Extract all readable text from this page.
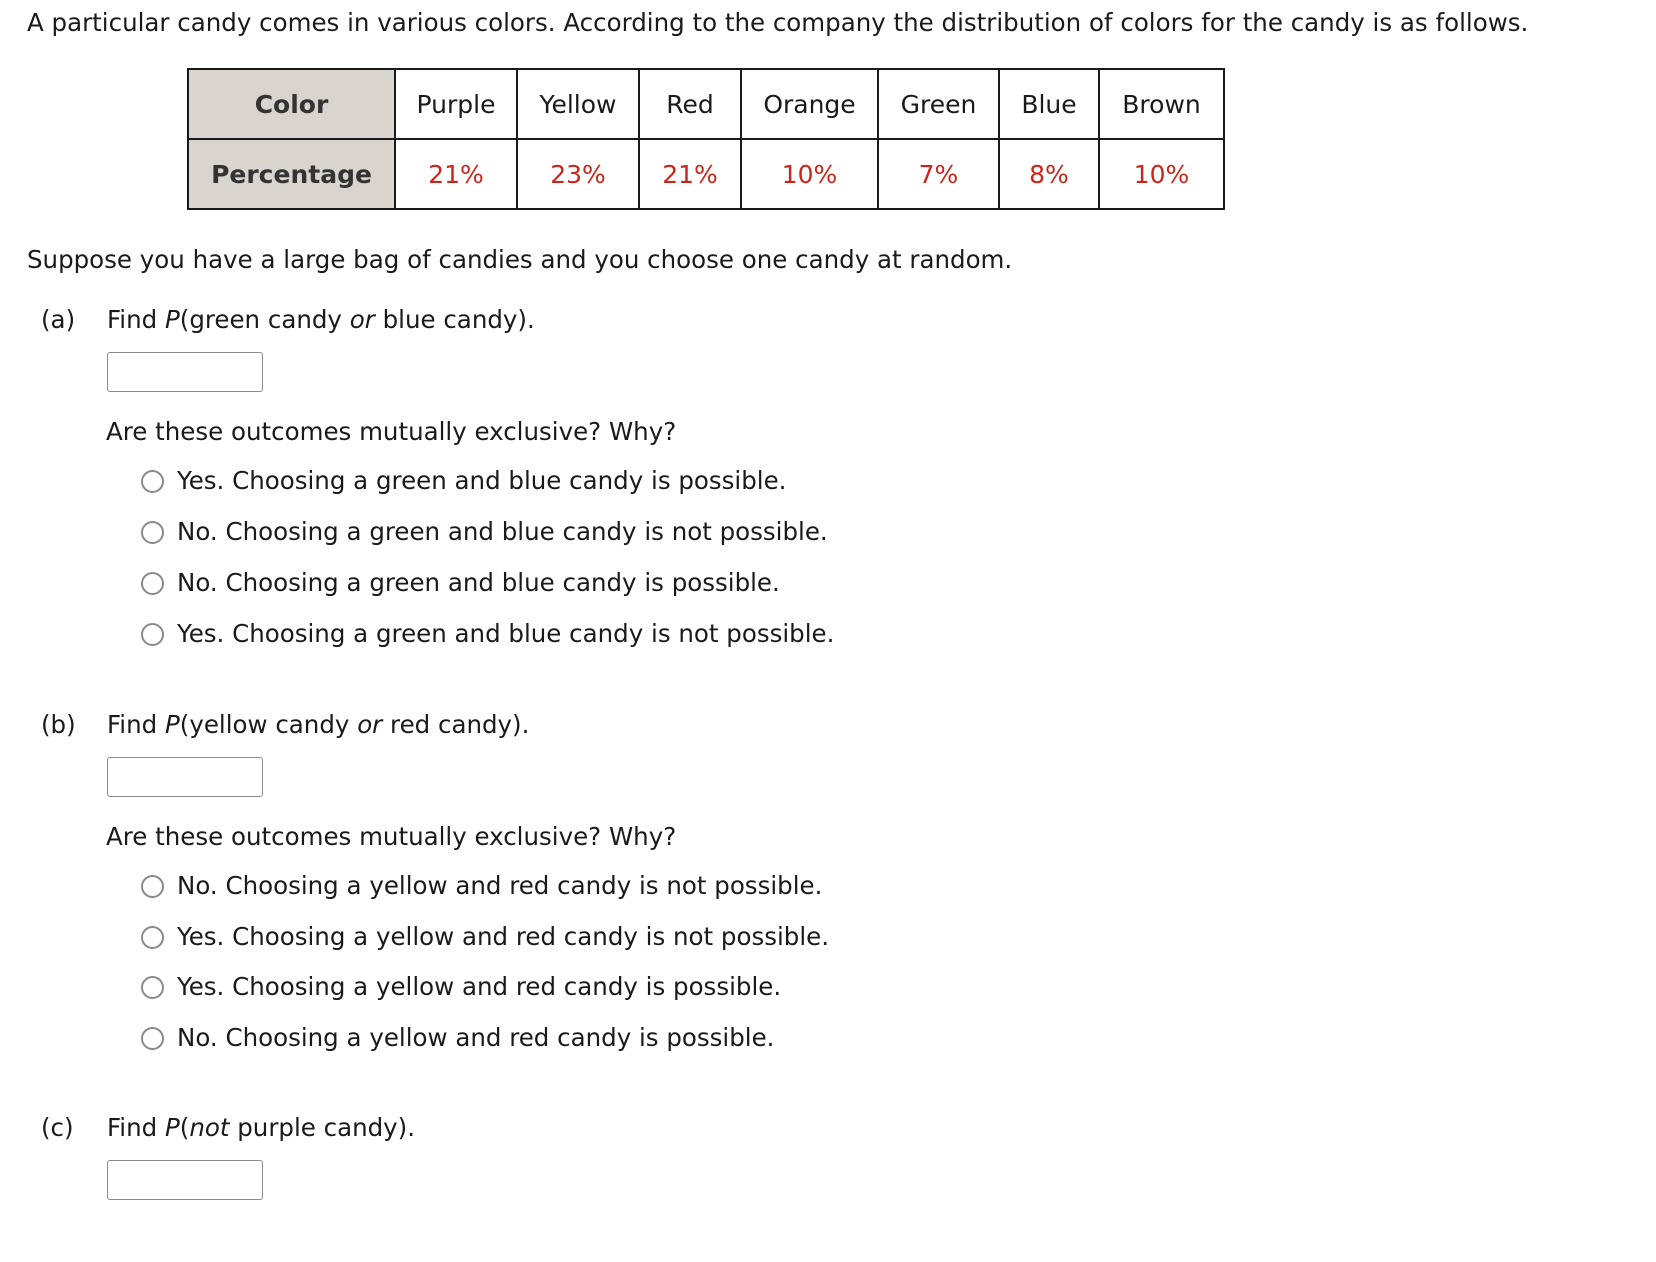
A particular candy comes in various colors. According to the company the distribution of colors for the candy is as follows.
Color	Purple	Yellow	Red	Orange	Green	Blue	Brown
Percentage	21%	23%	21%	10%	7%	8%	10%
Suppose you have a large bag of candies and you choose one candy at random.
(a) Find P(green candy or blue candy).
Are these outcomes mutually exclusive? Why?
Yes. Choosing a green and blue candy is possible.
No. Choosing a green and blue candy is not possible.
No. Choosing a green and blue candy is possible.
Yes. Choosing a green and blue candy is not possible.
(b) Find P(yellow candy or red candy).
Are these outcomes mutually exclusive? Why?
No. Choosing a yellow and red candy is not possible.
Yes. Choosing a yellow and red candy is not possible.
Yes. Choosing a yellow and red candy is possible.
No. Choosing a yellow and red candy is possible.
(c) Find P(not purple candy).
